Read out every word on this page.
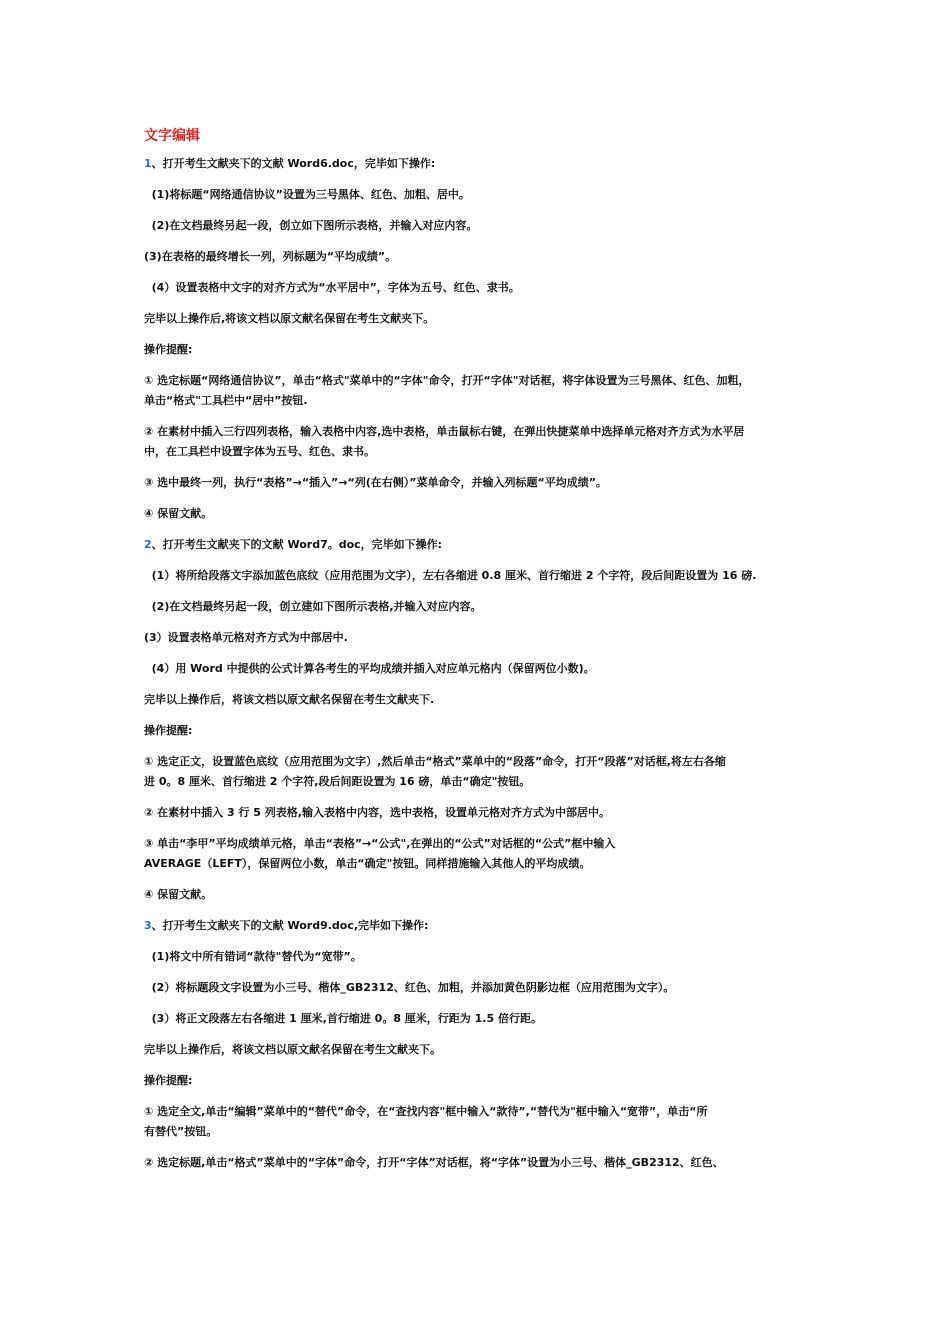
文字编辑
1、打开考生文献夹下的文献 Word6.doc，完毕如下操作:
(1)将标题“网络通信协议”设置为三号黑体、红色、加粗、居中。
(2)在文档最终另起一段，创立如下图所示表格，并输入对应内容。
(3)在表格的最终增长一列，列标题为“平均成绩”。
(4）设置表格中文字的对齐方式为“水平居中”，字体为五号、红色、隶书。
完毕以上操作后,将该文档以原文献名保留在考生文献夹下。
操作提醒:
① 选定标题“网络通信协议”，单击“格式"菜单中的“字体"命令，打开“字体"对话框，将字体设置为三号黑体、红色、加粗，
单击“格式"工具栏中“居中”按钮.
② 在素材中插入三行四列表格，输入表格中内容,选中表格，单击鼠标右键，在弹出快捷菜单中选择单元格对齐方式为水平居
中，在工具栏中设置字体为五号、红色、隶书。
③ 选中最终一列，执行“表格”→“插入”→“列(在右侧）”菜单命令，并输入列标题“平均成绩”。
④ 保留文献。
2、打开考生文献夹下的文献 Word7。doc，完毕如下操作:
(1）将所给段落文字添加蓝色底纹（应用范围为文字），左右各缩进 0.8 厘米、首行缩进 2 个字符，段后间距设置为 16 磅.
(2)在文档最终另起一段，创立建如下图所示表格,并输入对应内容。
(3）设置表格单元格对齐方式为中部居中.
(4）用 Word 中提供的公式计算各考生的平均成绩并插入对应单元格内（保留两位小数)。
完毕以上操作后，将该文档以原文献名保留在考生文献夹下.
操作提醒:
① 选定正文，设置蓝色底纹（应用范围为文字）,然后单击“格式”菜单中的“段落”命令，打开“段落”对话框,将左右各缩
进 0。8 厘米、首行缩进 2 个字符,段后间距设置为 16 磅，单击“确定"按钮。
② 在素材中插入 3 行 5 列表格,输入表格中内容，选中表格，设置单元格对齐方式为中部居中。
③ 单击“李甲”平均成绩单元格，单击“表格”→“公式",在弹出的“公式”对话框的“公式”框中输入
AVERAGE（LEFT），保留两位小数，单击“确定"按钮。同样措施输入其他人的平均成绩。
④ 保留文献。
3、打开考生文献夹下的文献 Word9.doc,完毕如下操作:
(1)将文中所有错词“款待"替代为“宽带”。
(2）将标题段文字设置为小三号、楷体_GB2312、红色、加粗，并添加黄色阴影边框（应用范围为文字）。
(3）将正文段落左右各缩进 1 厘米,首行缩进 0。8 厘米，行距为 1.5 倍行距。
完毕以上操作后，将该文档以原文献名保留在考生文献夹下。
操作提醒:
① 选定全文,单击“编辑”菜单中的“替代”命令，在“查找内容"框中输入“款待”,“替代为"框中输入“宽带”，单击“所
有替代”按钮。
② 选定标题,单击“格式”菜单中的“字体”命令，打开“字体”对话框，将“字体”设置为小三号、楷体_GB2312、红色、
